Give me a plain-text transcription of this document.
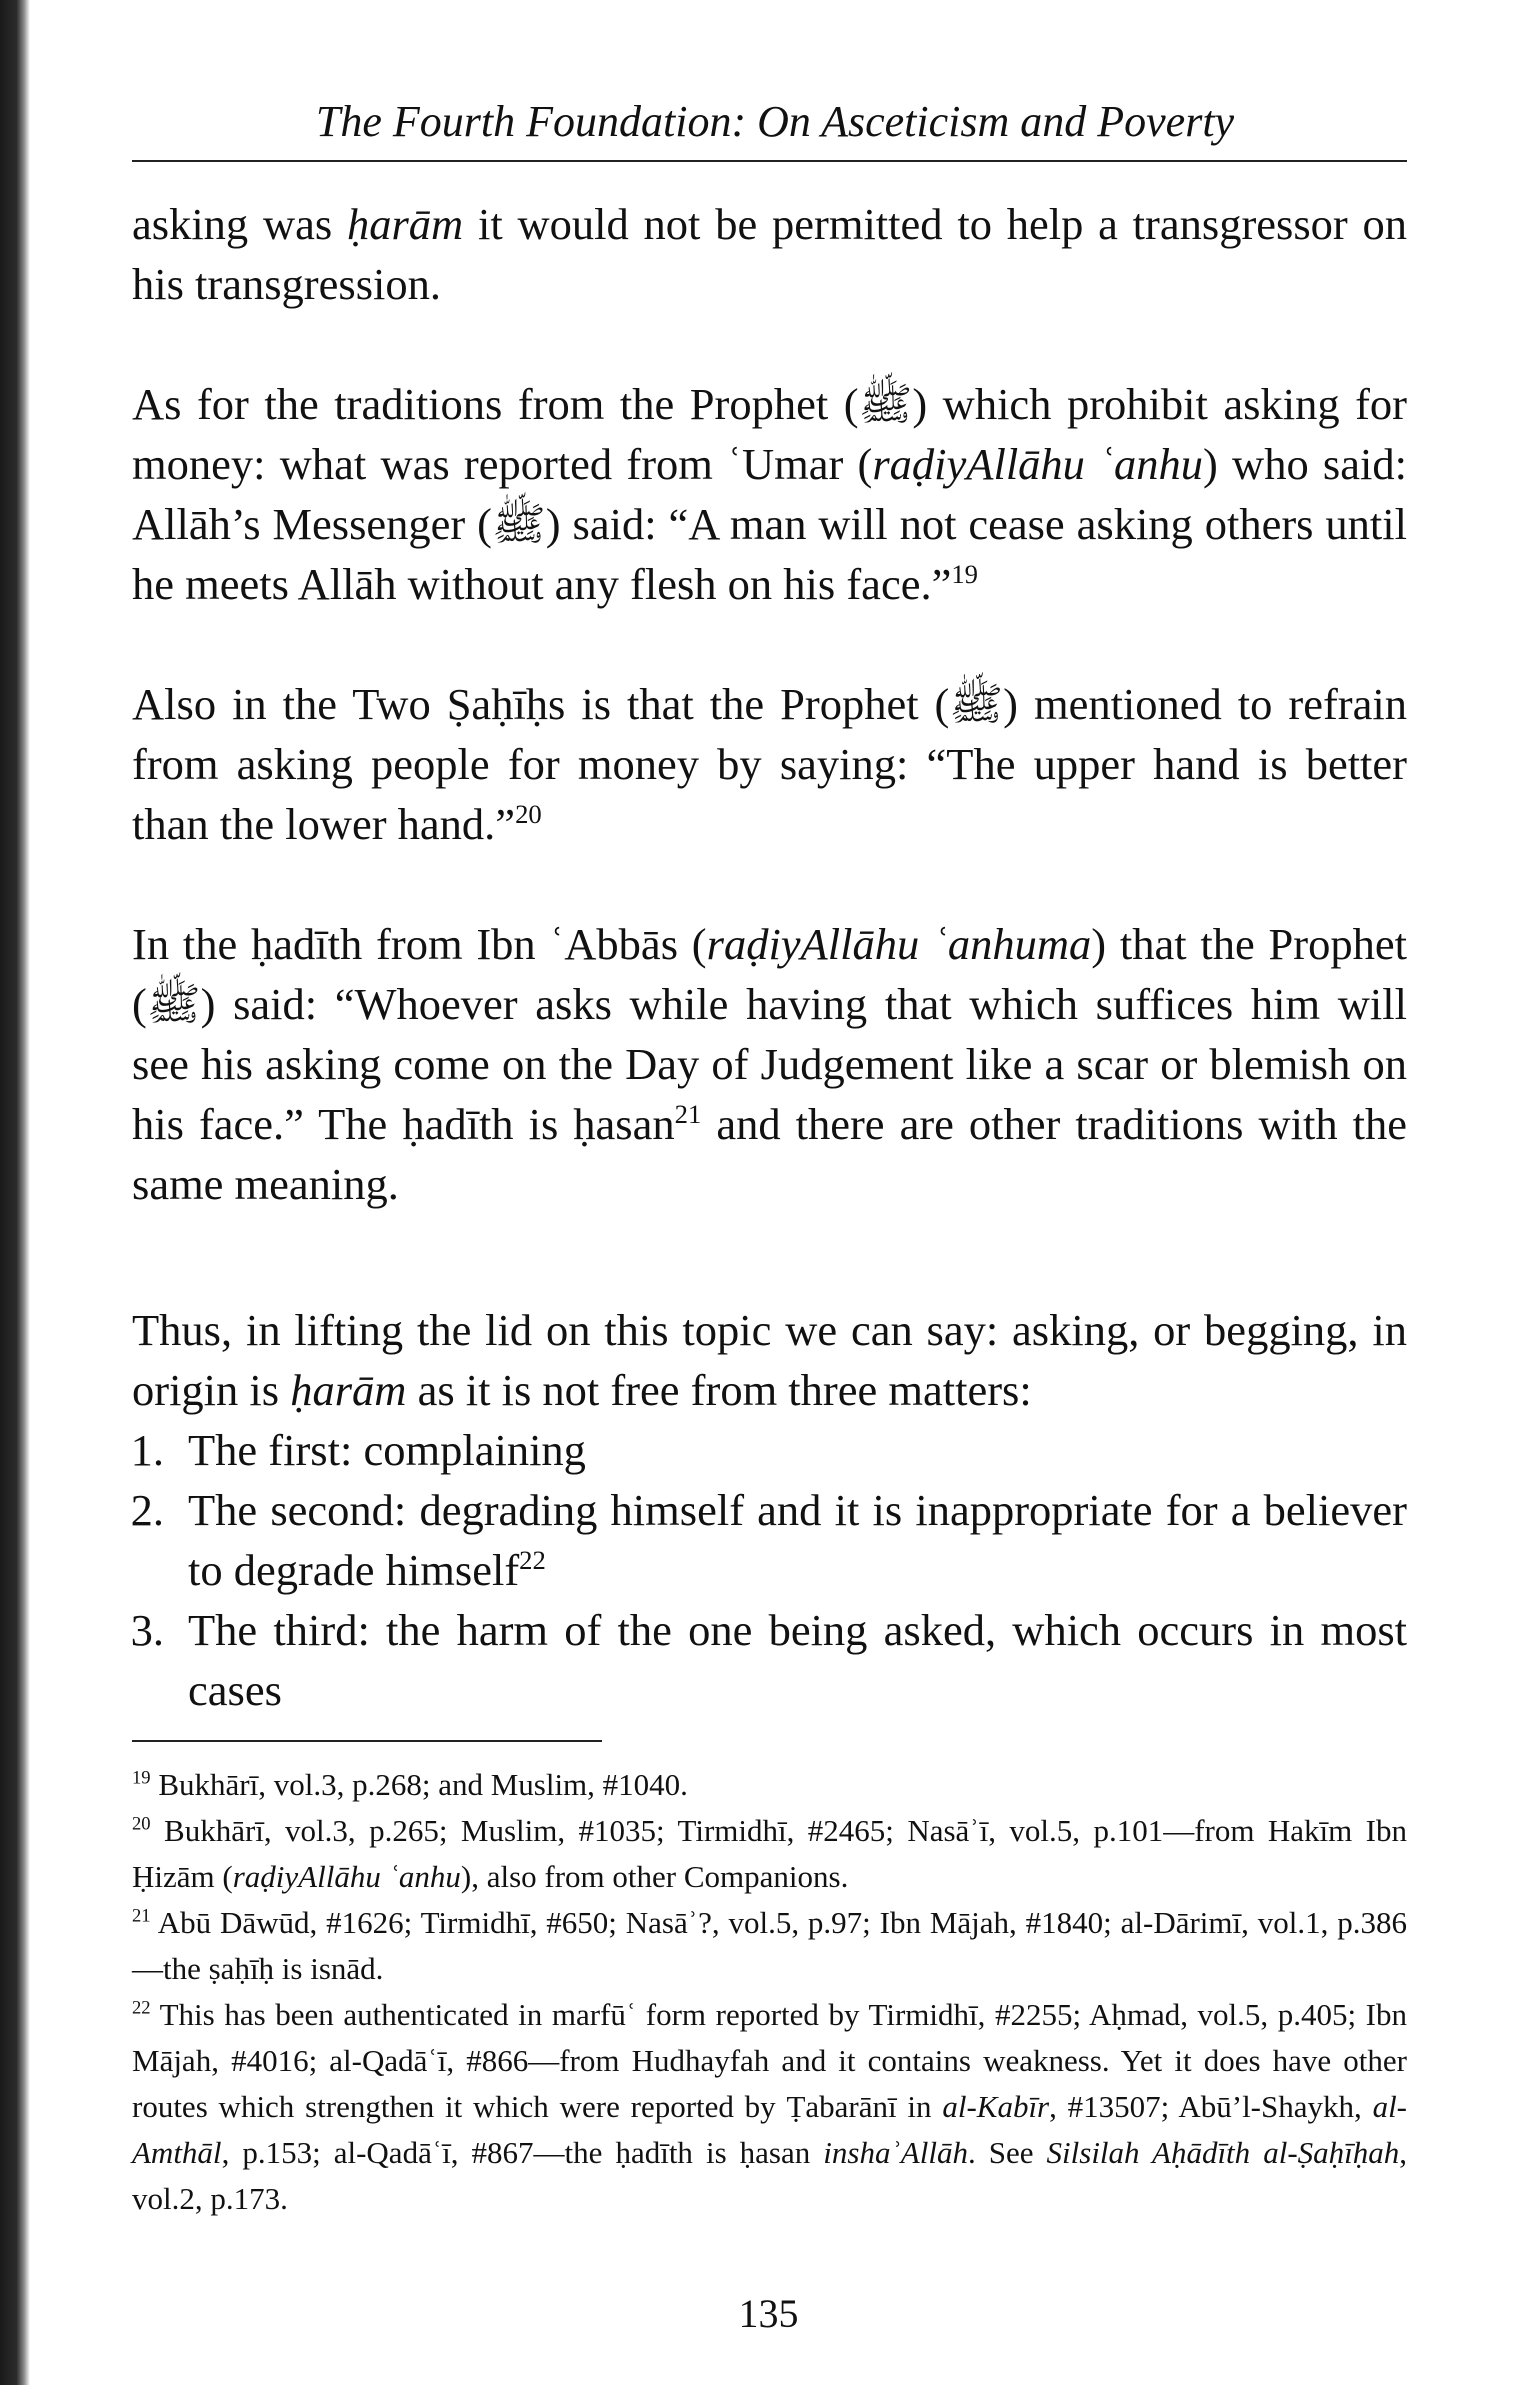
The Fourth Foundation: On Asceticism and Poverty

asking was ḥarām it would not be permitted to help a transgressor on his transgression.

As for the traditions from the Prophet (ﷺ) which prohibit asking for money: what was reported from ʿUmar (raḍiyAllāhu ʿanhu) who said: Allāh’s Messenger (ﷺ) said: “A man will not cease asking others until he meets Allāh without any flesh on his face.”$^{19}$

Also in the Two Ṣaḥīḥs is that the Prophet (ﷺ) mentioned to refrain from asking people for money by saying: “The upper hand is better than the lower hand.”$^{20}$

In the ḥadīth from Ibn ʿAbbās (raḍiyAllāhu ʿanhuma) that the Prophet (ﷺ) said: “Whoever asks while having that which suffices him will see his asking come on the Day of Judgement like a scar or blemish on his face.” The ḥadīth is ḥasan$^{21}$ and there are other traditions with the same meaning.

Thus, in lifting the lid on this topic we can say: asking, or begging, in origin is ḥarām as it is not free from three matters:

1. The first: complaining
2. The second: degrading himself and it is inappropriate for a believer to degrade himself$^{22}$
3. The third: the harm of the one being asked, which occurs in most cases

$^{19}$ Bukhārī, vol.3, p.268; and Muslim, #1040.

$^{20}$ Bukhārī, vol.3, p.265; Muslim, #1035; Tirmidhī, #2465; Nasāʾī, vol.5, p.101—from Hakīm Ibn Ḥizām (raḍiyAllāhu ʿanhu), also from other Companions.

$^{21}$ Abū Dāwūd, #1626; Tirmidhī, #650; Nasāʾ?, vol.5, p.97; Ibn Mājah, #1840; al-Dārimī, vol.1, p.386—the ṣaḥīḥ is isnād.

$^{22}$ This has been authenticated in marfūʿ form reported by Tirmidhī, #2255; Aḥmad, vol.5, p.405; Ibn Mājah, #4016; al-Qadāʿī, #866—from Hudhayfah and it contains weakness. Yet it does have other routes which strengthen it which were reported by Ṭabarānī in al-Kabīr, #13507; Abū’l-Shaykh, al-Amthāl, p.153; al-Qadāʿī, #867—the ḥadīth is ḥasan inshaʾAllāh. See Silsilah Aḥādīth al-Ṣaḥīḥah, vol.2, p.173.

135
